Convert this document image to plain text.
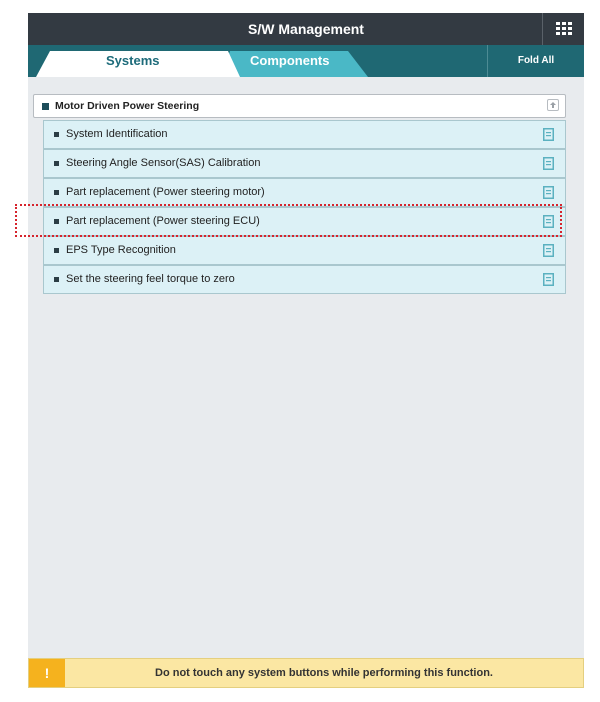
S/W Management
Systems	Components	Fold All
Motor Driven Power Steering
System Identification
Steering Angle Sensor(SAS) Calibration
Part replacement (Power steering motor)
Part replacement (Power steering ECU)
EPS Type Recognition
Set the steering feel torque to zero
!	Do not touch any system buttons while performing this function.
